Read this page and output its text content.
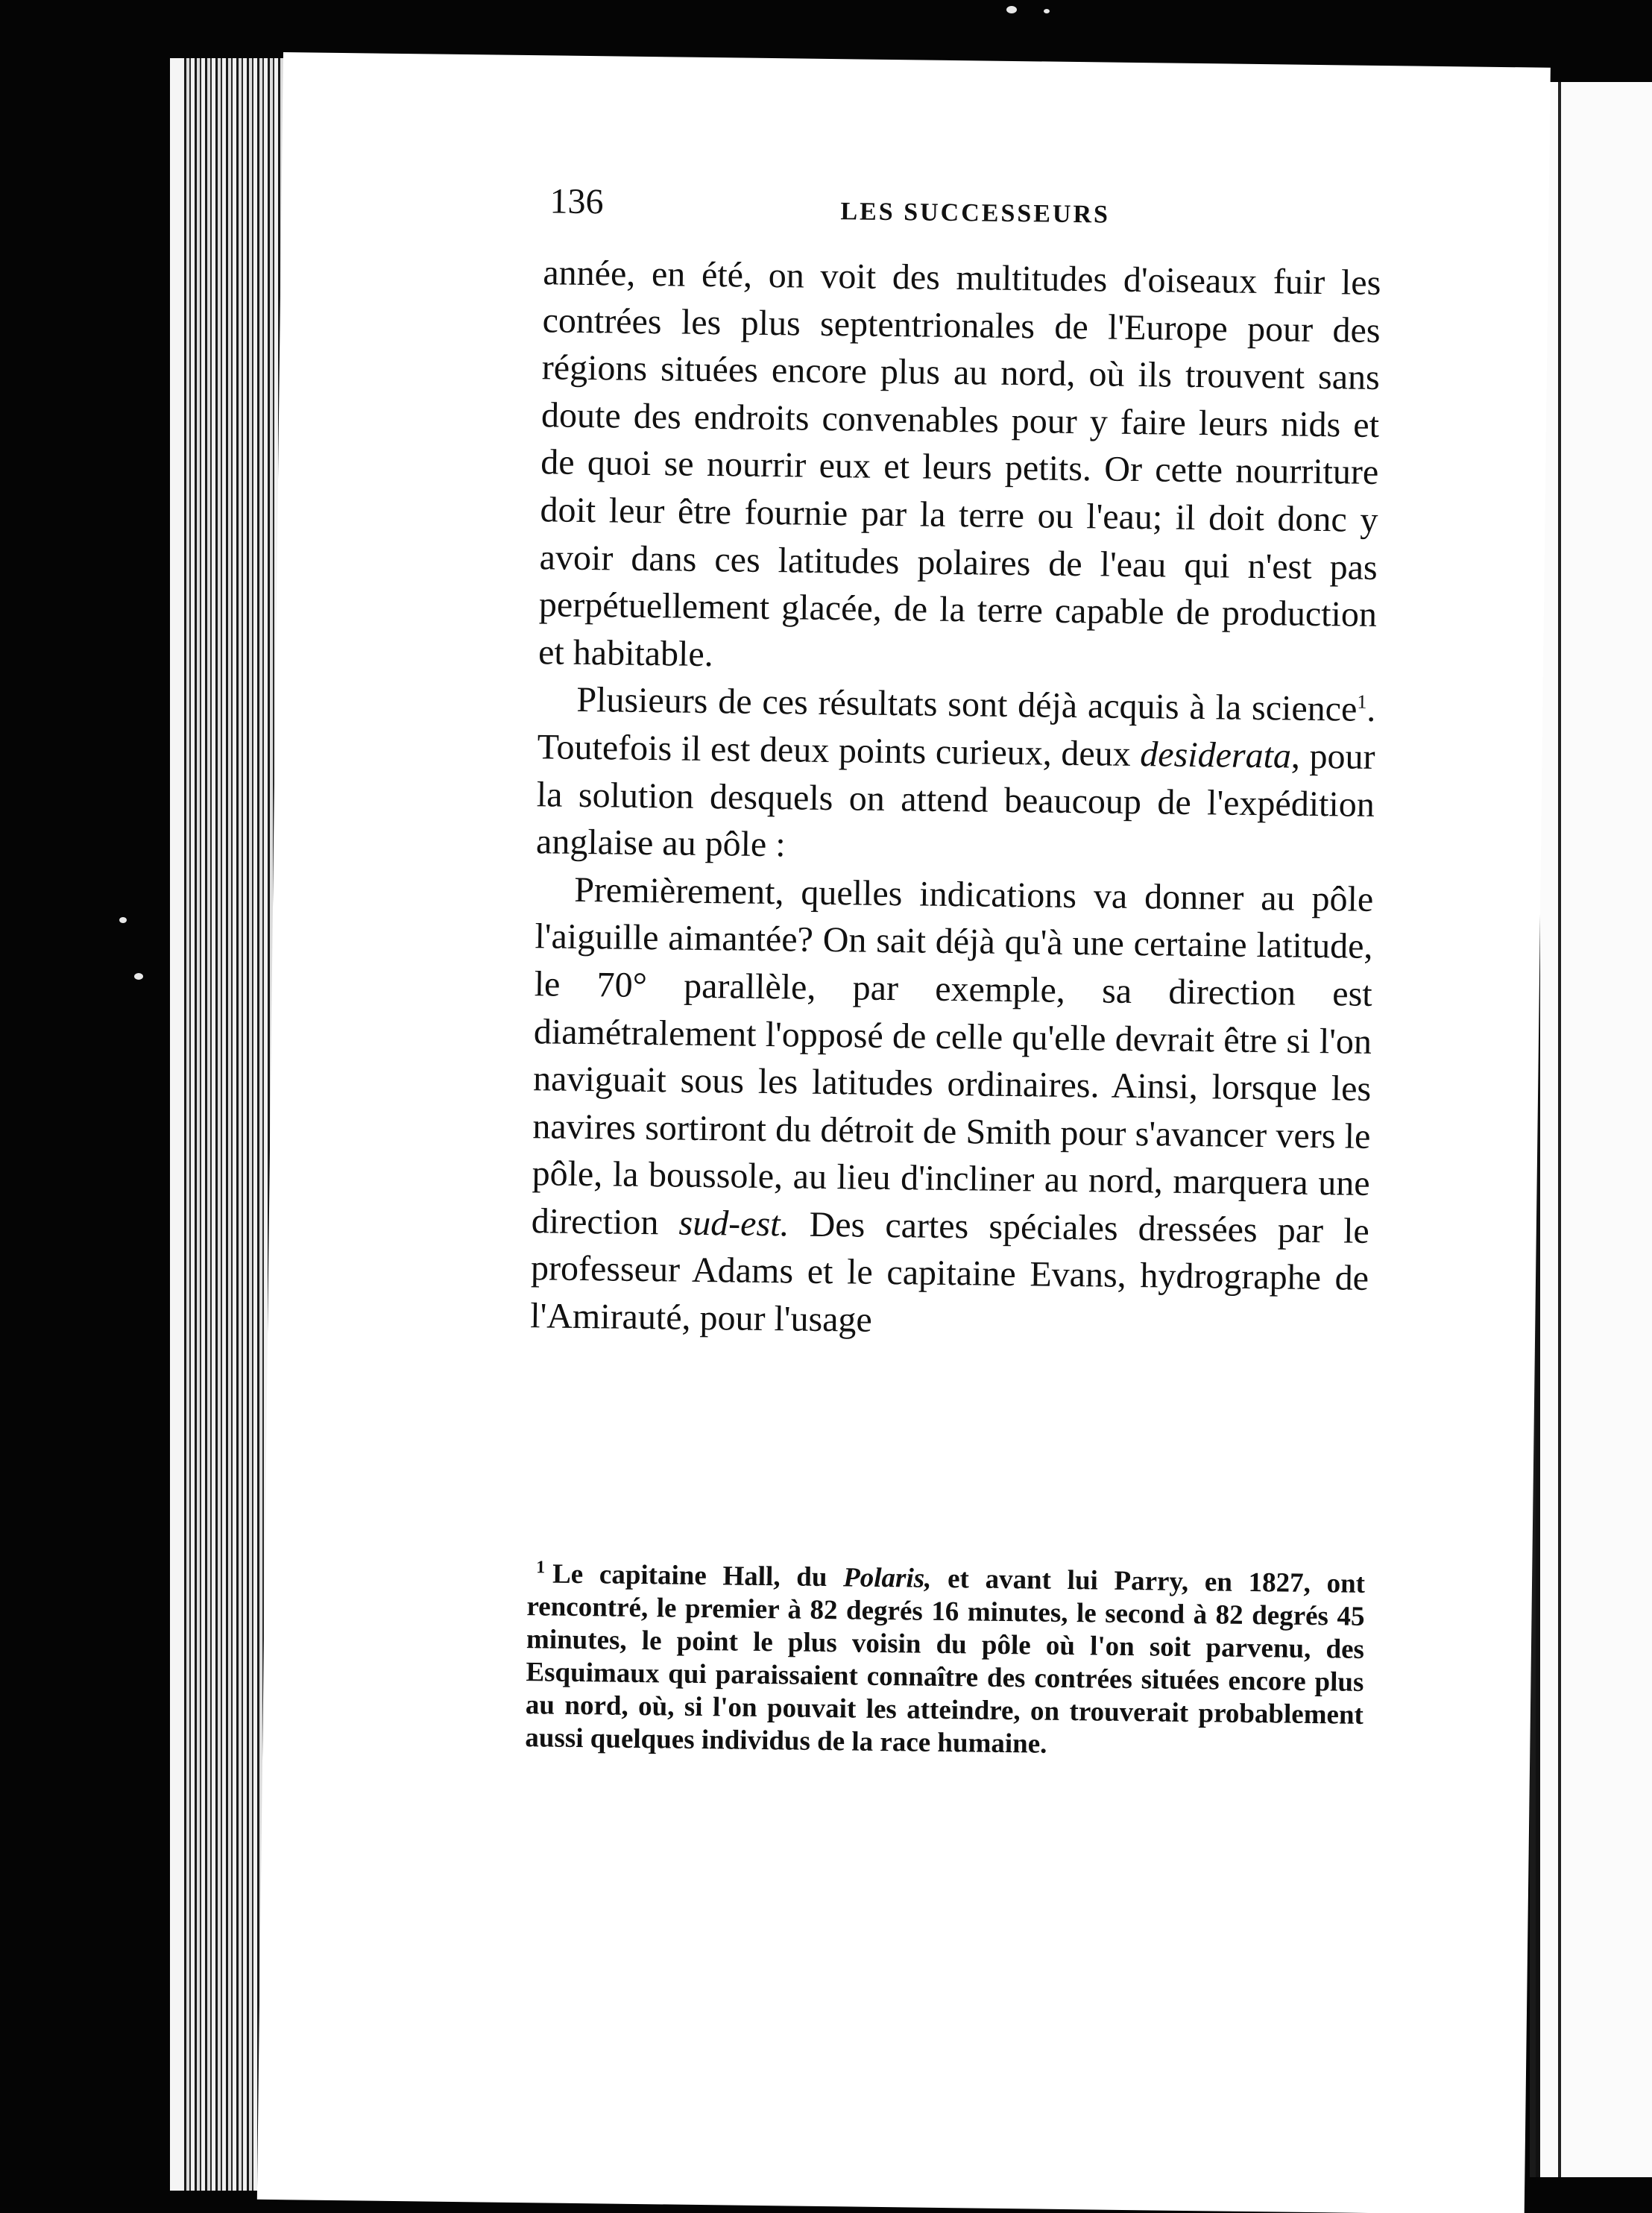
136	LES SUCCESSEURS

année, en été, on voit des multitudes d'oiseaux fuir les contrées les plus septentrionales de l'Europe pour des régions situées encore plus au nord, où ils trouvent sans doute des endroits convenables pour y faire leurs nids et de quoi se nourrir eux et leurs petits. Or cette nourriture doit leur être fournie par la terre ou l'eau; il doit donc y avoir dans ces latitudes polaires de l'eau qui n'est pas perpétuellement glacée, de la terre capable de production et habitable.

Plusieurs de ces résultats sont déjà acquis à la science$^1$. Toutefois il est deux points curieux, deux desiderata, pour la solution desquels on attend beaucoup de l'expédition anglaise au pôle :

Premièrement, quelles indications va donner au pôle l'aiguille aimantée? On sait déjà qu'à une certaine latitude, le 70° parallèle, par exemple, sa direction est diamétralement l'opposé de celle qu'elle devrait être si l'on naviguait sous les latitudes ordinaires. Ainsi, lorsque les navires sortiront du détroit de Smith pour s'avancer vers le pôle, la boussole, au lieu d'incliner au nord, marquera une direction sud-est. Des cartes spéciales dressées par le professeur Adams et le capitaine Evans, hydrographe de l'Amirauté, pour l'usage

$^1$ Le capitaine Hall, du Polaris, et avant lui Parry, en 1827, ont rencontré, le premier à 82 degrés 16 minutes, le second à 82 degrés 45 minutes, le point le plus voisin du pôle où l'on soit parvenu, des Esquimaux qui paraissaient connaître des contrées situées encore plus au nord, où, si l'on pouvait les atteindre, on trouverait probablement aussi quelques individus de la race humaine.
